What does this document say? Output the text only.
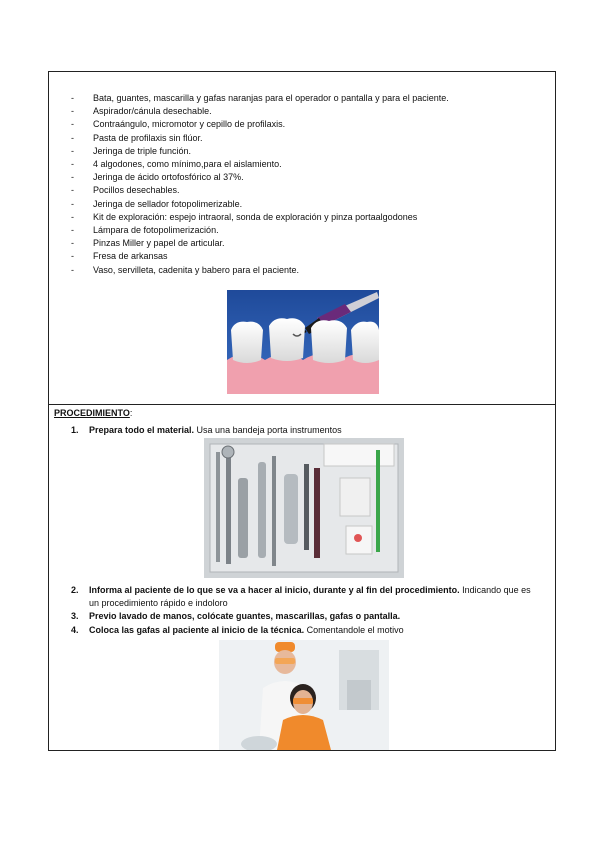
- Bata, guantes, mascarilla y gafas naranjas para el operador o pantalla y para el paciente.
- Aspirador/cánula desechable.
- Contraángulo, micromotor y cepillo de profilaxis.
- Pasta de profilaxis sin flúor.
- Jeringa de triple función.
- 4 algodones, como mínimo,para el aislamiento.
- Jeringa de ácido ortofosfórico al 37%.
- Pocillos desechables.
- Jeringa de sellador fotopolimerizable.
- Kit de exploración: espejo intraoral, sonda de exploración y pinza portaalgodones
- Lámpara de fotopolimerización.
- Pinzas Miller y papel de articular.
- Fresa de arkansas
- Vaso, servilleta, cadenita y babero para el paciente.
PROCEDIMIENTO:
1. Prepara todo el material. Usa una bandeja porta instrumentos
2. Informa al paciente de lo que se va a hacer al inicio, durante y al fin del procedimiento. Indicando que es un procedimiento rápido e indoloro
3. Previo lavado de manos, colócate guantes, mascarillas, gafas o pantalla.
4. Coloca las gafas al paciente al inicio de la técnica. Comentandole el motivo
